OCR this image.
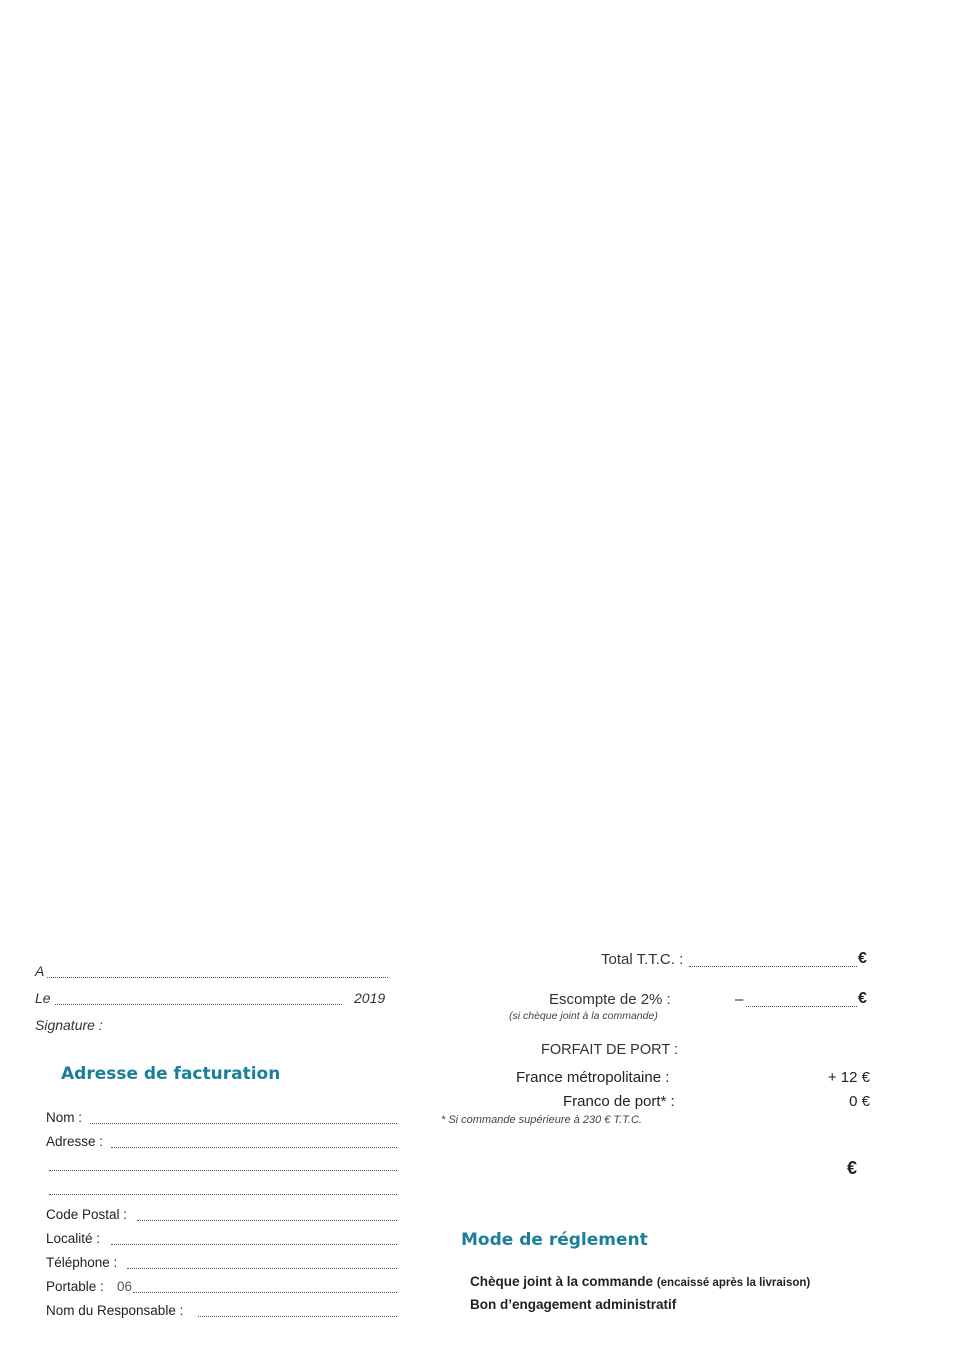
A
Le	2019
Signature :
Adresse de facturation
Nom :
Adresse :
Code Postal :
Localité :
Téléphone :
Portable : 06
Nom du Responsable :
Total T.T.C. :	€
Escompte de 2% :
(si chèque joint à la commande)
–	€
FORFAIT DE PORT :
France métropolitaine :	+ 12 €
Franco de port* :	0 €
* Si commande supérieure à 230 € T.T.C.
€
Mode de réglement
Chèque joint à la commande (encaissé après la livraison)
Bon d’engagement administratif
